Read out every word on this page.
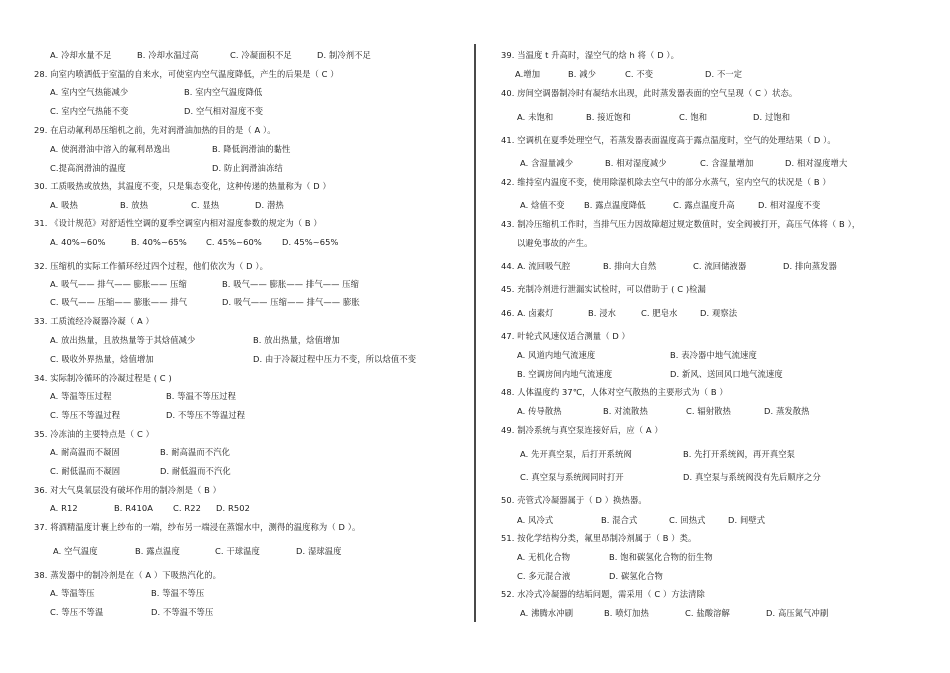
A. 冷却水量不足	B. 冷却水温过高	C. 冷凝面积不足	D. 制冷剂不足
28. 向室内喷洒低于室温的自来水，可使室内空气温度降低，产生的后果是（ C ）
A. 室内空气热能减少	B. 室内空气温度降低
C. 室内空气热能不变	D. 空气相对湿度不变
29. 在启动氟利昂压缩机之前，先对润滑油加热的目的是（ A ）。
A. 使润滑油中溶入的氟利昂逸出	B. 降低润滑油的黏性
C.提高润滑油的温度	D. 防止润滑油冻结
30. 工质吸热或放热，其温度不变，只是集态变化，这种传递的热量称为（ D ）
A. 吸热	B. 放热	C. 显热	D. 潜热
31. 《设计规范》对舒适性空调的夏季空调室内相对湿度参数的规定为（ B ）
A. 40%~60%	B. 40%~65% C. 45%~60% D. 45%~65%
32. 压缩机的实际工作循环经过四个过程，他们依次为（ D ）。
A. 吸气—— 排气—— 膨胀—— 压缩	B. 吸气—— 膨胀—— 排气—— 压缩
C. 吸气—— 压缩—— 膨胀—— 排气	D. 吸气—— 压缩—— 排气—— 膨胀
33. 工质流经冷凝器冷凝（ A ）
A. 放出热量，且放热量等于其焓值减少	B. 放出热量，焓值增加
C. 吸收外界热量，焓值增加	D. 由于冷凝过程中压力不变，所以焓值不变
34. 实际制冷循环的冷凝过程是 ( C )
A. 等温等压过程	B. 等温不等压过程
C. 等压不等温过程	D. 不等压不等温过程
35. 冷冻油的主要特点是（ C ）
A. 耐高温而不凝固	B. 耐高温而不汽化
C. 耐低温而不凝固	D. 耐低温而不汽化
36. 对大气臭氧层没有破坏作用的制冷剂是（ B ）
A. R12	B. R410A C. R22 D. R502
37. 将酒精温度计裹上纱布的一端，纱布另一端浸在蒸馏水中，测得的温度称为（ D ）。
A. 空气温度	B. 露点温度	C. 干球温度	D. 湿球温度
38. 蒸发器中的制冷剂是在（ A ）下吸热汽化的。
A. 等温等压	B. 等温不等压
C. 等压不等温	D. 不等温不等压
39. 当温度 t 升高时，湿空气的焓 h 将（ D ）。
A.增加	B. 减少	C. 不变	D. 不一定
40. 房间空调器制冷时有凝结水出现，此时蒸发器表面的空气呈现（ C ）状态。
A. 未饱和	B. 接近饱和	C. 饱和	D. 过饱和
41. 空调机在夏季处理空气，若蒸发器表面温度高于露点温度时，空气的处理结果（ D ）。
A. 含湿量减少	B. 相对湿度减少	C. 含湿量增加	D. 相对湿度增大
42. 维持室内温度不变，使用除湿机除去空气中的部分水蒸气，室内空气的状况是（ B ）
A. 焓值不变 B. 露点温度降低	C. 露点温度升高	D. 相对湿度不变
43. 制冷压缩机工作时，当排气压力因故障超过规定数值时，安全阀被打开，高压气体将（ B ），
以避免事故的产生。
44. A. 流回吸气腔	B. 排向大自然	C. 流回储液器	D. 排向蒸发器
45. 充制冷剂进行泄漏实试检时，可以借助于 ( C )检漏
46. A. 卤素灯	B. 浸水	C. 肥皂水	D. 观察法
47. 叶轮式风速仪适合测量（ D ）
A. 风道内地气流速度	B. 表冷器中地气流速度
B. 空调房间内地气流速度	D. 新风、送回风口地气流速度
48. 人体温度约 37℃，人体对空气散热的主要形式为（ B ）
A. 传导散热	B. 对流散热	C. 辐射散热	D. 蒸发散热
49. 制冷系统与真空泵连接好后，应（ A ）
A. 先开真空泵，后打开系统阀	B. 先打开系统阀，再开真空泵
C. 真空泵与系统阀同时打开	D. 真空泵与系统阀没有先后顺序之分
50. 壳管式冷凝器属于（ D ）换热器。
A. 风冷式	B. 混合式	C. 回热式	D. 间壁式
51. 按化学结构分类，氟里昂制冷剂属于（ B ）类。
A. 无机化合物	B. 饱和碳氢化合物的衍生物
C. 多元混合液	D. 碳氢化合物
52. 水冷式冷凝器的结垢问题，需采用（ C ）方法清除
A. 沸腾水冲刷	B. 喷灯加热	C. 盐酸溶解	D. 高压氮气冲刷
